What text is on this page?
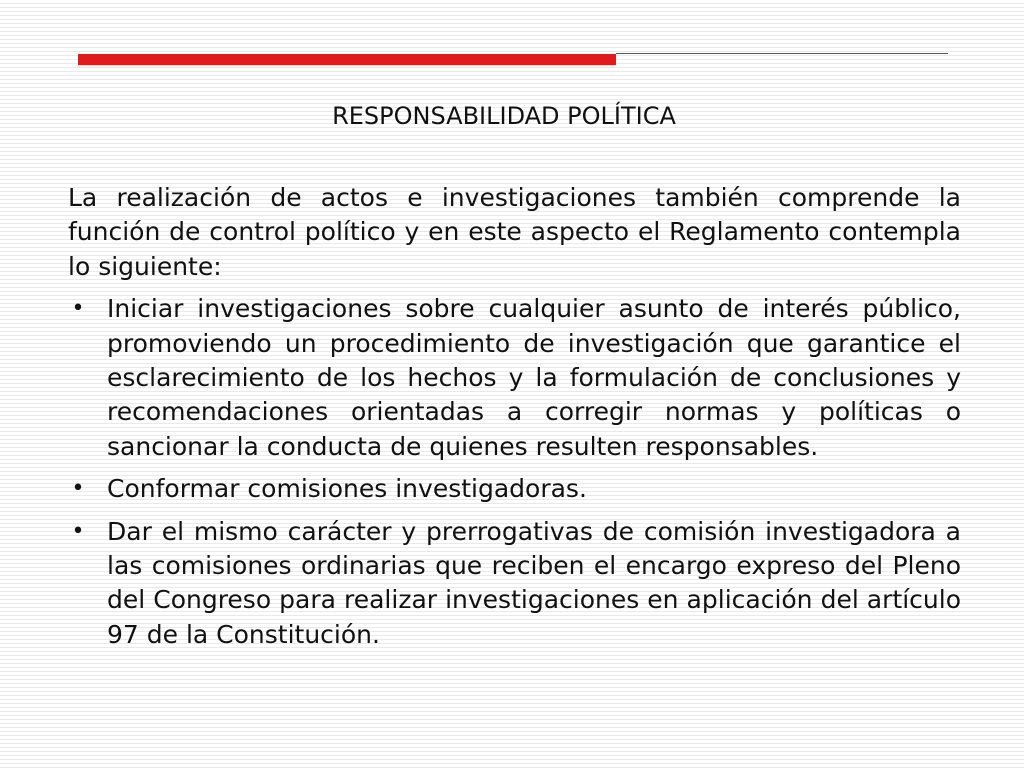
RESPONSABILIDAD POLÍTICA

La realización de actos e investigaciones también comprende la función de control político y en este aspecto el Reglamento contempla lo siguiente:

• Iniciar investigaciones sobre cualquier asunto de interés público, promoviendo un procedimiento de investigación que garantice el esclarecimiento de los hechos y la formulación de conclusiones y recomendaciones orientadas a corregir normas y políticas o sancionar la conducta de quienes resulten responsables.
• Conformar comisiones investigadoras.
• Dar el mismo carácter y prerrogativas de comisión investigadora a las comisiones ordinarias que reciben el encargo expreso del Pleno del Congreso para realizar investigaciones en aplicación del artículo 97 de la Constitución.
